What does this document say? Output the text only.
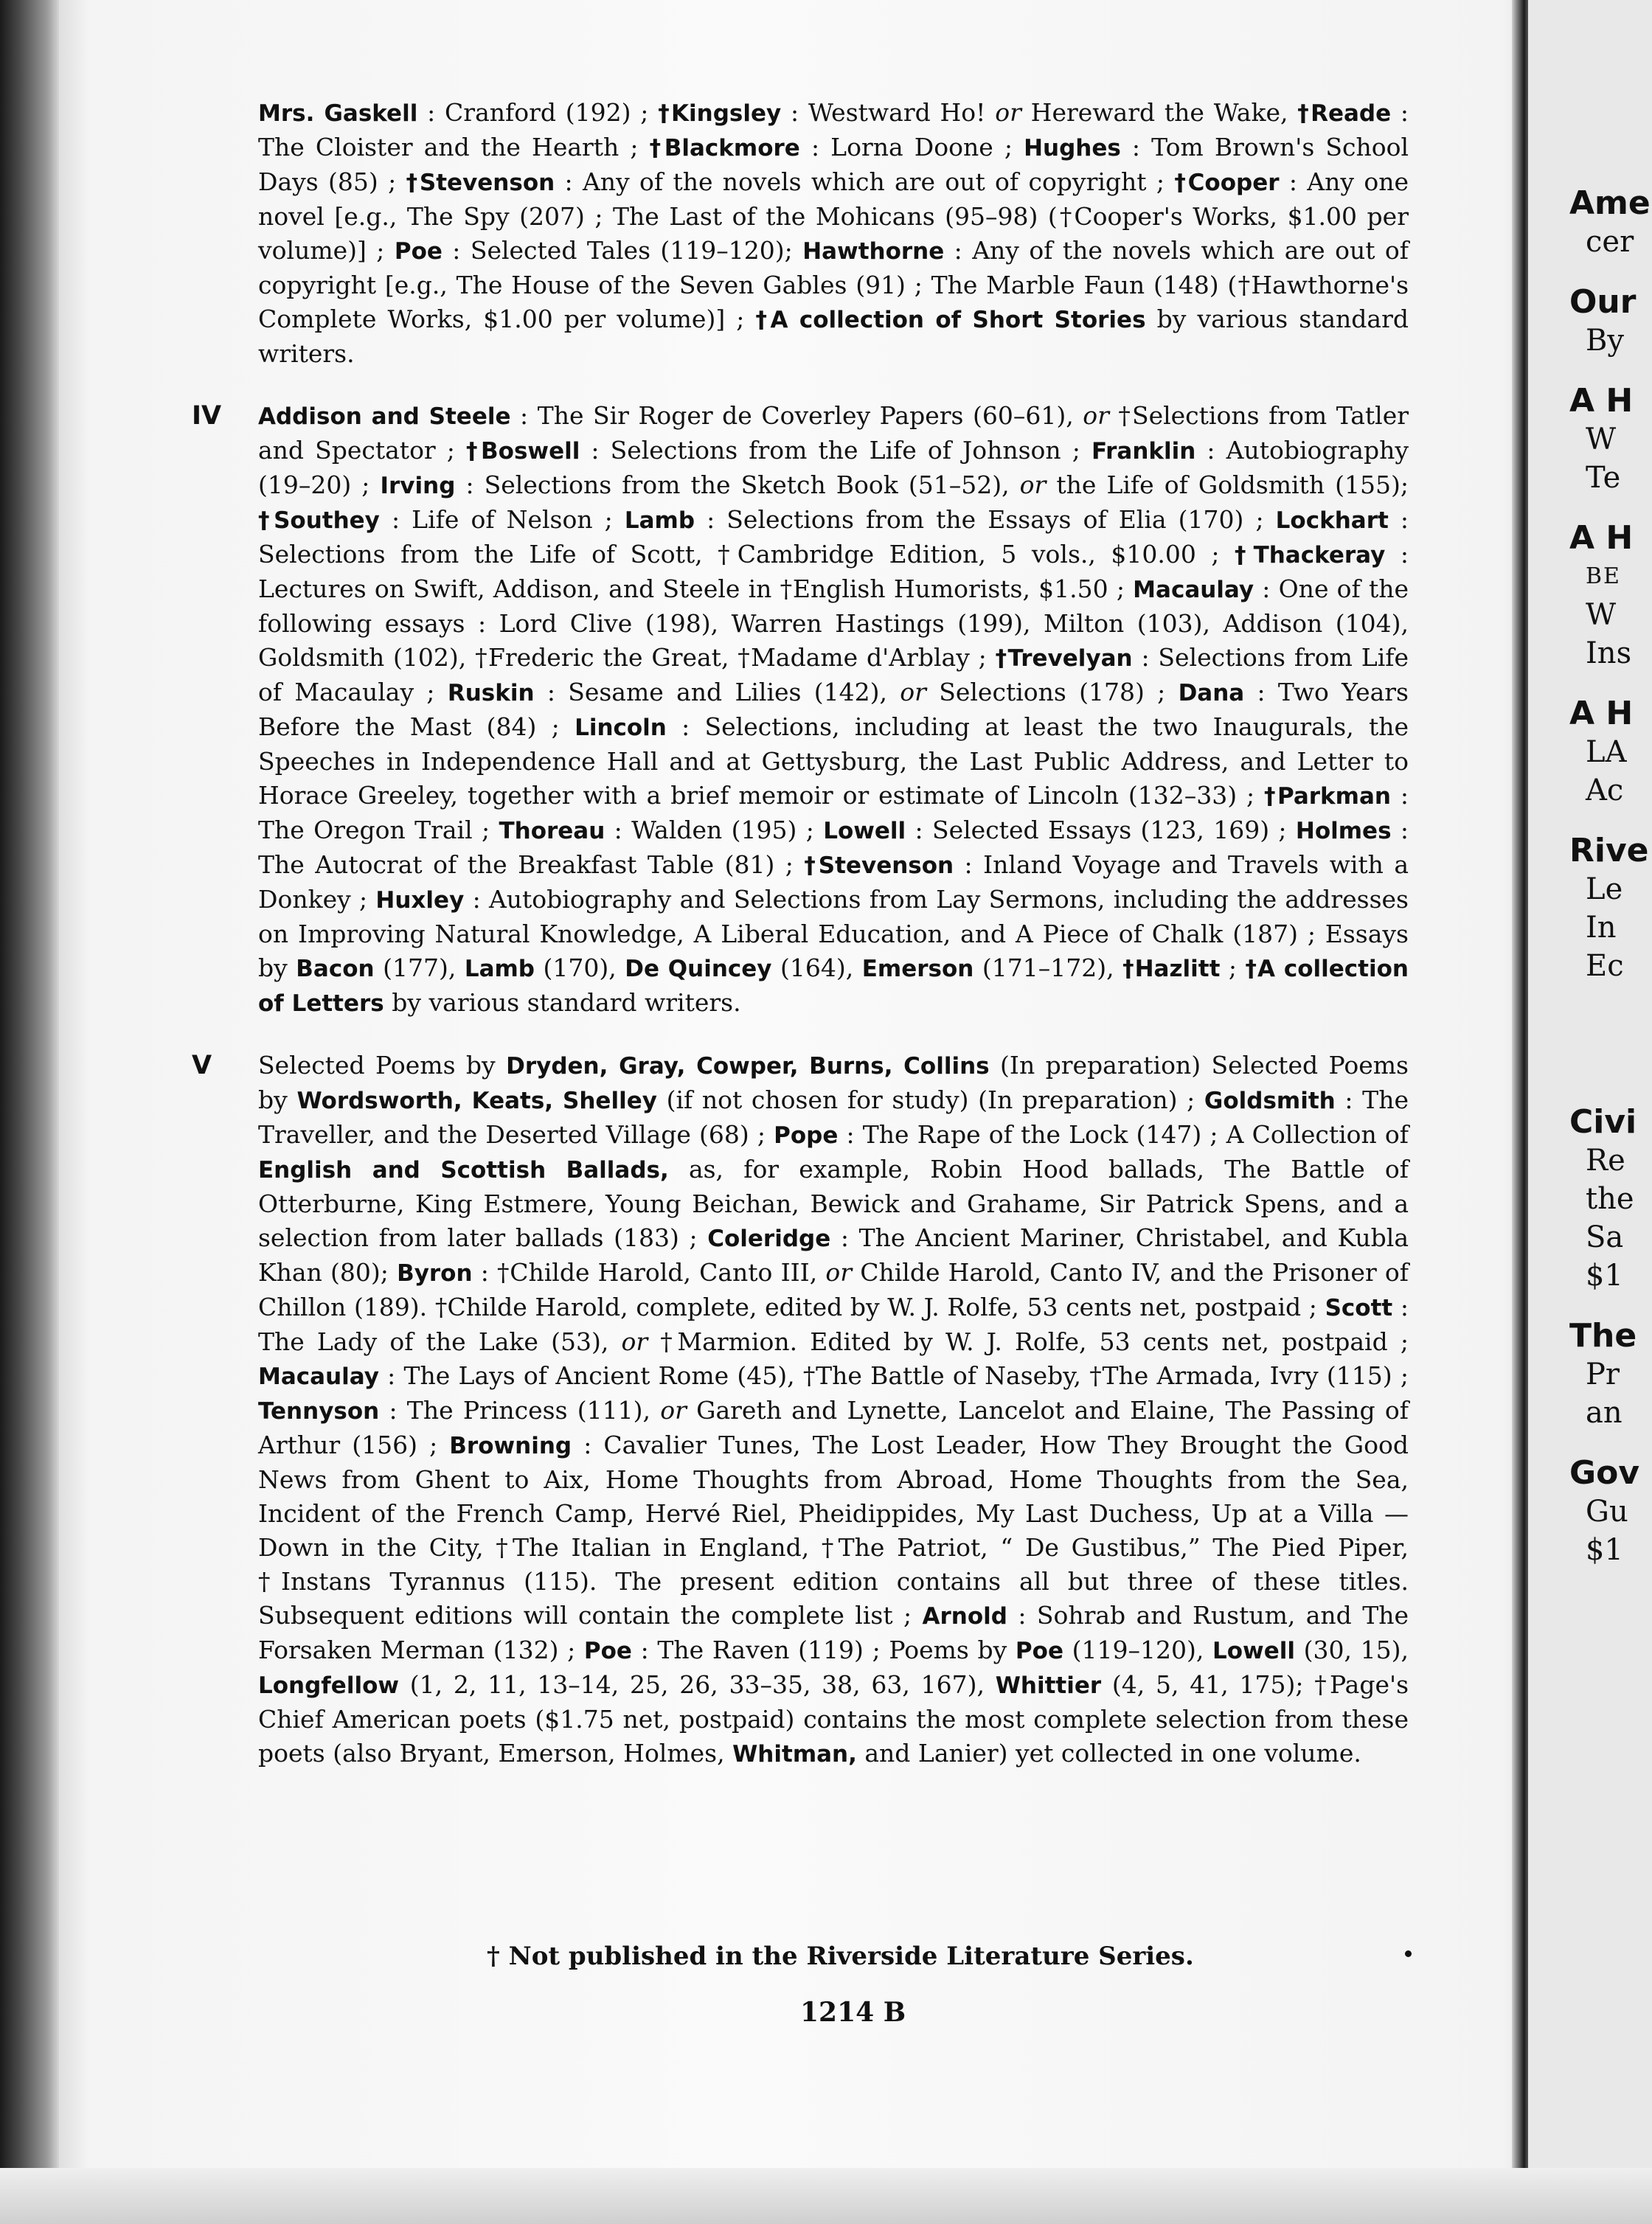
Mrs. Gaskell : Cranford (192) ; †Kingsley : Westward Ho! or Hereward the Wake, †Reade : The Cloister and the Hearth ; †Blackmore : Lorna Doone ; Hughes : Tom Brown's School Days (85) ; †Stevenson : Any of the novels which are out of copyright ; †Cooper : Any one novel [e.g., The Spy (207) ; The Last of the Mohicans (95–98) (†Cooper's Works, $1.00 per volume)] ; Poe : Selected Tales (119–120); Hawthorne : Any of the novels which are out of copyright [e.g., The House of the Seven Gables (91) ; The Marble Faun (148) (†Hawthorne's Complete Works, $1.00 per volume)] ; †A collection of Short Stories by various standard writers.

IV Addison and Steele : The Sir Roger de Coverley Papers (60–61), or †Selections from Tatler and Spectator ; †Boswell : Selections from the Life of Johnson ; Franklin : Autobiography (19–20) ; Irving : Selections from the Sketch Book (51–52), or the Life of Goldsmith (155); †Southey : Life of Nelson ; Lamb : Selections from the Essays of Elia (170) ; Lockhart : Selections from the Life of Scott, †Cambridge Edition, 5 vols., $10.00 ; †Thackeray : Lectures on Swift, Addison, and Steele in †English Humorists, $1.50 ; Macaulay : One of the following essays : Lord Clive (198), Warren Hastings (199), Milton (103), Addison (104), Goldsmith (102), †Frederic the Great, †Madame d'Arblay ; †Trevelyan : Selections from Life of Macaulay ; Ruskin : Sesame and Lilies (142), or Selections (178) ; Dana : Two Years Before the Mast (84) ; Lincoln : Selections, including at least the two Inaugurals, the Speeches in Independence Hall and at Gettysburg, the Last Public Address, and Letter to Horace Greeley, together with a brief memoir or estimate of Lincoln (132–33) ; †Parkman : The Oregon Trail ; Thoreau : Walden (195) ; Lowell : Selected Essays (123, 169) ; Holmes : The Autocrat of the Breakfast Table (81) ; †Stevenson : Inland Voyage and Travels with a Donkey ; Huxley : Autobiography and Selections from Lay Sermons, including the addresses on Improving Natural Knowledge, A Liberal Education, and A Piece of Chalk (187) ; Essays by Bacon (177), Lamb (170), De Quincey (164), Emerson (171–172), †Hazlitt ; †A collection of Letters by various standard writers.

V Selected Poems by Dryden, Gray, Cowper, Burns, Collins (In preparation) Selected Poems by Wordsworth, Keats, Shelley (if not chosen for study) (In preparation) ; Goldsmith : The Traveller, and the Deserted Village (68) ; Pope : The Rape of the Lock (147) ; A Collection of English and Scottish Ballads, as, for example, Robin Hood ballads, The Battle of Otterburne, King Estmere, Young Beichan, Bewick and Grahame, Sir Patrick Spens, and a selection from later ballads (183) ; Coleridge : The Ancient Mariner, Christabel, and Kubla Khan (80); Byron : †Childe Harold, Canto III, or Childe Harold, Canto IV, and the Prisoner of Chillon (189). †Childe Harold, complete, edited by W. J. Rolfe, 53 cents net, postpaid ; Scott : The Lady of the Lake (53), or †Marmion. Edited by W. J. Rolfe, 53 cents net, postpaid ; Macaulay : The Lays of Ancient Rome (45), †The Battle of Naseby, †The Armada, Ivry (115) ; Tennyson : The Princess (111), or Gareth and Lynette, Lancelot and Elaine, The Passing of Arthur (156) ; Browning : Cavalier Tunes, The Lost Leader, How They Brought the Good News from Ghent to Aix, Home Thoughts from Abroad, Home Thoughts from the Sea, Incident of the French Camp, Hervé Riel, Pheidippides, My Last Duchess, Up at a Villa — Down in the City, †The Italian in England, †The Patriot, “ De Gustibus,” The Pied Piper, †Instans Tyrannus (115). The present edition contains all but three of these titles. Subsequent editions will contain the complete list ; Arnold : Sohrab and Rustum, and The Forsaken Merman (132) ; Poe : The Raven (119) ; Poems by Poe (119–120), Lowell (30, 15), Longfellow (1, 2, 11, 13–14, 25, 26, 33–35, 38, 63, 167), Whittier (4, 5, 41, 175); †Page's Chief American poets ($1.75 net, postpaid) contains the most complete selection from these poets (also Bryant, Emerson, Holmes, Whitman, and Lanier) yet collected in one volume.

† Not published in the Riverside Literature Series.
1214 B
Ame
cer
Our
By
A H
W
Te
A H
BE
W
Ins
A H
LA
Ac
Rive
Le
In
Ec
Civi
Re
the
Sa
$1
The
Pr
an
Gov
Gu
$1
